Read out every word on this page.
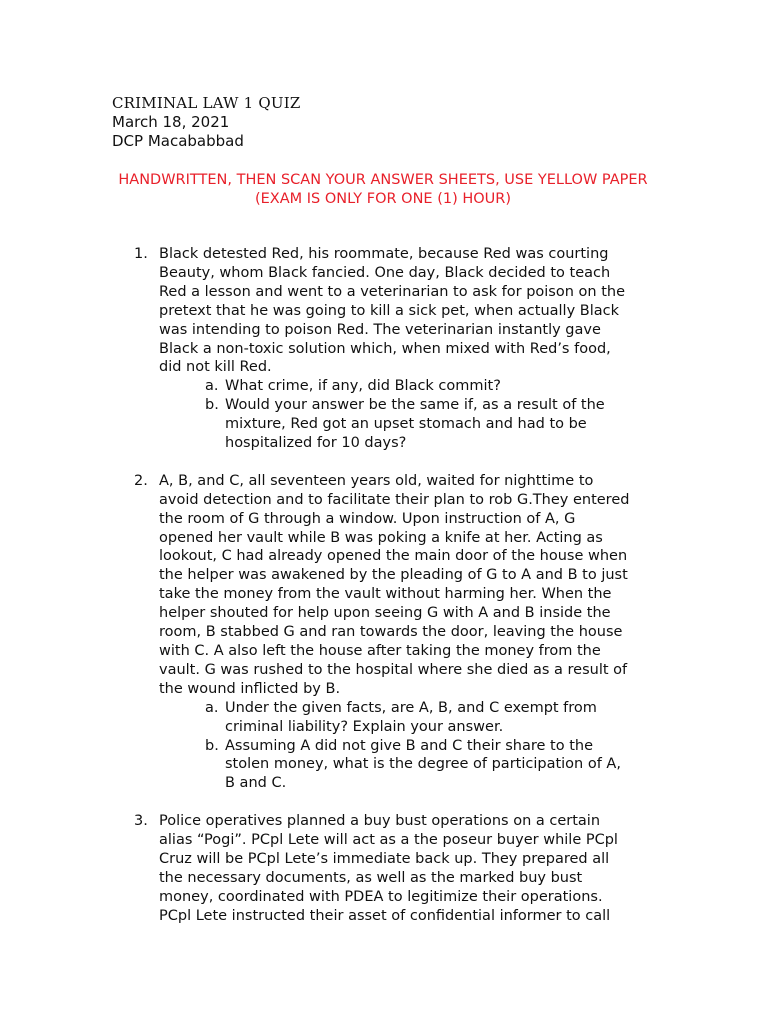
CRIMINAL LAW 1 QUIZ
March 18, 2021
DCP Macababbad
HANDWRITTEN, THEN SCAN YOUR ANSWER SHEETS, USE YELLOW PAPER
(EXAM IS ONLY FOR ONE (1) HOUR)
1. Black detested Red, his roommate, because Red was courting
Beauty, whom Black fancied. One day, Black decided to teach
Red a lesson and went to a veterinarian to ask for poison on the
pretext that he was going to kill a sick pet, when actually Black
was intending to poison Red. The veterinarian instantly gave
Black a non-toxic solution which, when mixed with Red’s food,
did not kill Red.
a. What crime, if any, did Black commit?
b. Would your answer be the same if, as a result of the
mixture, Red got an upset stomach and had to be
hospitalized for 10 days?
2. A, B, and C, all seventeen years old, waited for nighttime to
avoid detection and to facilitate their plan to rob G.They entered
the room of G through a window. Upon instruction of A, G
opened her vault while B was poking a knife at her. Acting as
lookout, C had already opened the main door of the house when
the helper was awakened by the pleading of G to A and B to just
take the money from the vault without harming her. When the
helper shouted for help upon seeing G with A and B inside the
room, B stabbed G and ran towards the door, leaving the house
with C. A also left the house after taking the money from the
vault. G was rushed to the hospital where she died as a result of
the wound inflicted by B.
a. Under the given facts, are A, B, and C exempt from
criminal liability? Explain your answer.
b. Assuming A did not give B and C their share to the
stolen money, what is the degree of participation of A,
B and C.
3. Police operatives planned a buy bust operations on a certain
alias “Pogi”. PCpl Lete will act as a the poseur buyer while PCpl
Cruz will be PCpl Lete’s immediate back up. They prepared all
the necessary documents, as well as the marked buy bust
money, coordinated with PDEA to legitimize their operations.
PCpl Lete instructed their asset of confidential informer to call
